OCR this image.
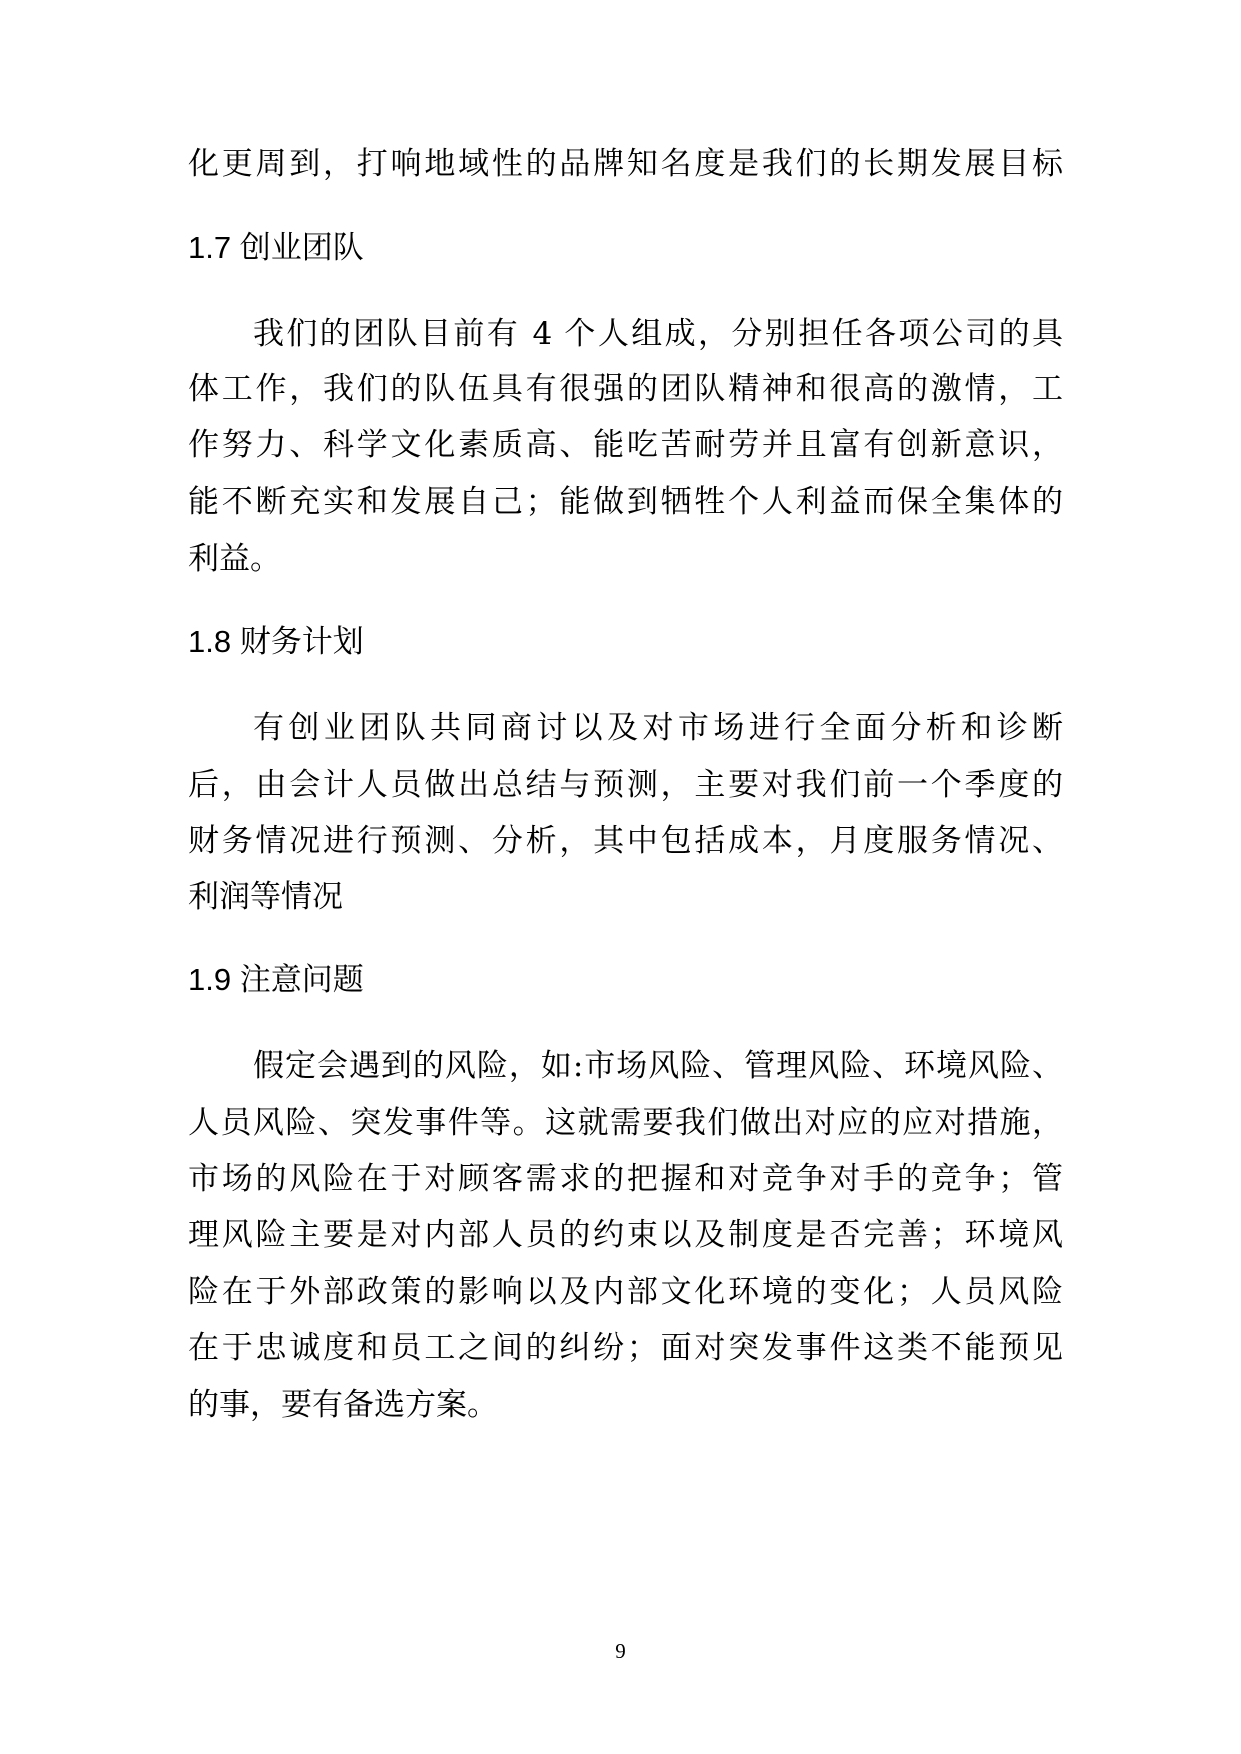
化更周到，打响地域性的品牌知名度是我们的长期发展目标
1.7 创业团队
我们的团队目前有 4 个人组成，分别担任各项公司的具
体工作，我们的队伍具有很强的团队精神和很高的激情，工
作努力、科学文化素质高、能吃苦耐劳并且富有创新意识，
能不断充实和发展自己；能做到牺牲个人利益而保全集体的
利益。
1.8 财务计划
有创业团队共同商讨以及对市场进行全面分析和诊断
后，由会计人员做出总结与预测，主要对我们前一个季度的
财务情况进行预测、分析，其中包括成本，月度服务情况、
利润等情况
1.9 注意问题
假定会遇到的风险，如:市场风险、管理风险、环境风险、
人员风险、突发事件等。这就需要我们做出对应的应对措施，
市场的风险在于对顾客需求的把握和对竞争对手的竞争；管
理风险主要是对内部人员的约束以及制度是否完善；环境风
险在于外部政策的影响以及内部文化环境的变化；人员风险
在于忠诚度和员工之间的纠纷；面对突发事件这类不能预见
的事，要有备选方案。
9
